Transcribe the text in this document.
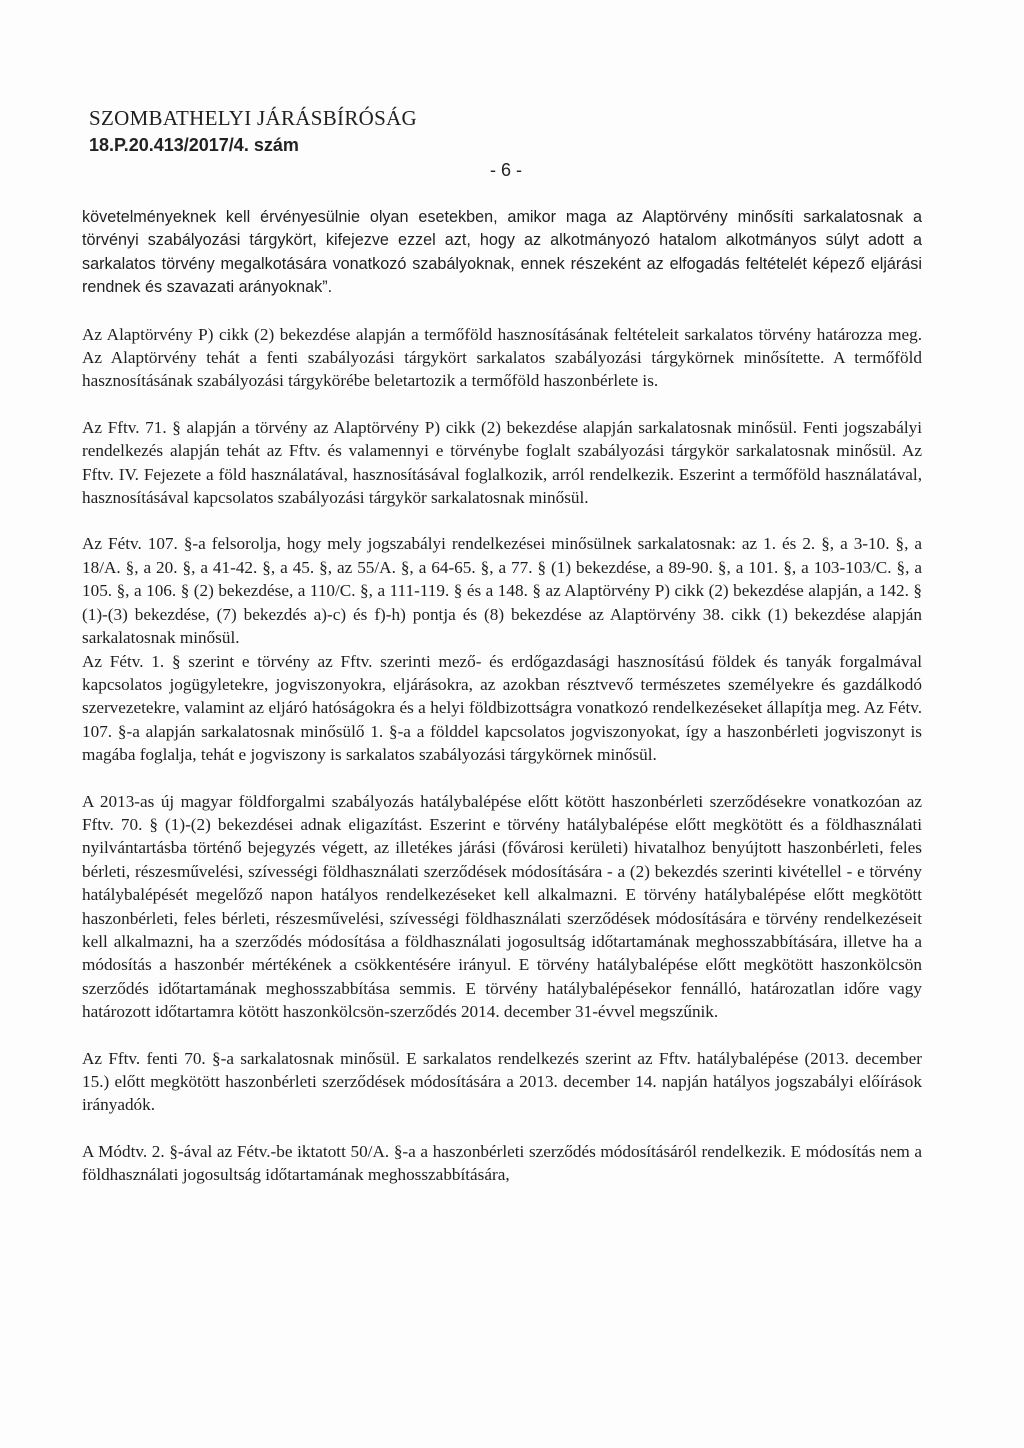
SZOMBATHELYI JÁRÁSBÍRÓSÁG

18.P.20.413/2017/4. szám

- 6 -

követelményeknek kell érvényesülnie olyan esetekben, amikor maga az Alaptörvény minősíti sarkalatosnak a törvényi szabályozási tárgykört, kifejezve ezzel azt, hogy az alkotmányozó hatalom alkotmányos súlyt adott a sarkalatos törvény megalkotására vonatkozó szabályoknak, ennek részeként az elfogadás feltételét képező eljárási rendnek és szavazati arányoknak”.

Az Alaptörvény P) cikk (2) bekezdése alapján a termőföld hasznosításának feltételeit sarkalatos törvény határozza meg. Az Alaptörvény tehát a fenti szabályozási tárgykört sarkalatos szabályozási tárgykörnek minősítette. A termőföld hasznosításának szabályozási tárgykörébe beletartozik a termőföld haszonbérlete is.

Az Fftv. 71. § alapján a törvény az Alaptörvény P) cikk (2) bekezdése alapján sarkalatosnak minősül. Fenti jogszabályi rendelkezés alapján tehát az Fftv. és valamennyi e törvénybe foglalt szabályozási tárgykör sarkalatosnak minősül. Az Fftv. IV. Fejezete a föld használatával, hasznosításával foglalkozik, arról rendelkezik. Eszerint a termőföld használatával, hasznosításával kapcsolatos szabályozási tárgykör sarkalatosnak minősül.

Az Fétv. 107. §-a felsorolja, hogy mely jogszabályi rendelkezései minősülnek sarkalatosnak: az 1. és 2. §, a 3-10. §, a 18/A. §, a 20. §, a 41-42. §, a 45. §, az 55/A. §, a 64-65. §, a 77. § (1) bekezdése, a 89-90. §, a 101. §, a 103-103/C. §, a 105. §, a 106. § (2) bekezdése, a 110/C. §, a 111-119. § és a 148. § az Alaptörvény P) cikk (2) bekezdése alapján, a 142. § (1)-(3) bekezdése, (7) bekezdés a)-c) és f)-h) pontja és (8) bekezdése az Alaptörvény 38. cikk (1) bekezdése alapján sarkalatosnak minősül.

Az Fétv. 1. § szerint e törvény az Fftv. szerinti mező- és erdőgazdasági hasznosítású földek és tanyák forgalmával kapcsolatos jogügyletekre, jogviszonyokra, eljárásokra, az azokban résztvevő természetes személyekre és gazdálkodó szervezetekre, valamint az eljáró hatóságokra és a helyi földbizottságra vonatkozó rendelkezéseket állapítja meg. Az Fétv. 107. §-a alapján sarkalatosnak minősülő 1. §-a a földdel kapcsolatos jogviszonyokat, így a haszonbérleti jogviszonyt is magába foglalja, tehát e jogviszony is sarkalatos szabályozási tárgykörnek minősül.

A 2013-as új magyar földforgalmi szabályozás hatálybalépése előtt kötött haszonbérleti szerződésekre vonatkozóan az Fftv. 70. § (1)-(2) bekezdései adnak eligazítást. Eszerint e törvény hatálybalépése előtt megkötött és a földhasználati nyilvántartásba történő bejegyzés végett, az illetékes járási (fővárosi kerületi) hivatalhoz benyújtott haszonbérleti, feles bérleti, részesművelési, szívességi földhasználati szerződések módosítására - a (2) bekezdés szerinti kivétellel - e törvény hatálybalépését megelőző napon hatályos rendelkezéseket kell alkalmazni. E törvény hatálybalépése előtt megkötött haszonbérleti, feles bérleti, részesművelési, szívességi földhasználati szerződések módosítására e törvény rendelkezéseit kell alkalmazni, ha a szerződés módosítása a földhasználati jogosultság időtartamának meghosszabbítására, illetve ha a módosítás a haszonbér mértékének a csökkentésére irányul. E törvény hatálybalépése előtt megkötött haszonkölcsön szerződés időtartamának meghosszabbítása semmis. E törvény hatálybalépésekor fennálló, határozatlan időre vagy határozott időtartamra kötött haszonkölcsön-szerződés 2014. december 31-évvel megszűnik.

Az Fftv. fenti 70. §-a sarkalatosnak minősül. E sarkalatos rendelkezés szerint az Fftv. hatálybalépése (2013. december 15.) előtt megkötött haszonbérleti szerződések módosítására a 2013. december 14. napján hatályos jogszabályi előírások irányadók.

A Módtv. 2. §-ával az Fétv.-be iktatott 50/A. §-a a haszonbérleti szerződés módosításáról rendelkezik. E módosítás nem a földhasználati jogosultság időtartamának meghosszabbítására,
